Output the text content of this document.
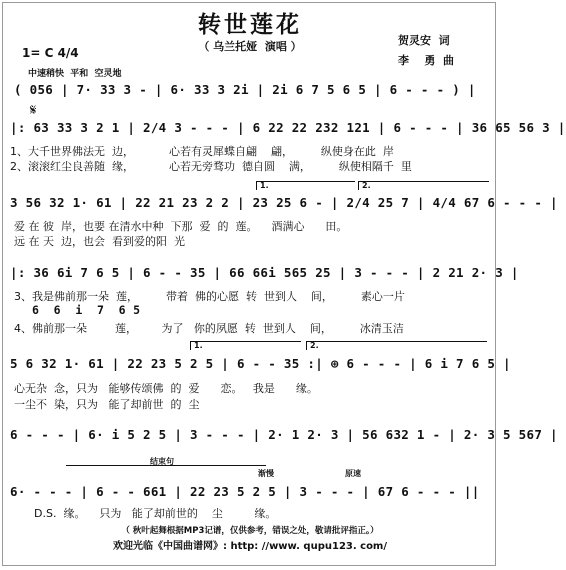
转世莲花
（ 乌兰托娅  演唱 ）	贺灵安  词
李    勇  曲
1= C 4/4
中速稍快  平和  空灵地
( 056 | 7· 33 3 - | 6· 33 3 2i | 2i 6 7 5 6 5 | 6 - - - ) |
𝄋
|: 63 33 3 2 1 | 2/4 3 - - - | 6 22 22 232 121 | 6 - - - | 36 65 56 3 |
1、大千世界佛法无  边，          心若有灵犀蝶自翩    翩，        纵使身在此  岸
2、滚滚红尘良善随  缘，          心若无旁骛功  德自圆    满，        纵使相隔千  里
1.	2.
3 56 32 1· 61 | 22 21 23 2 2 | 23 25 6 - | 2/4 25 7 | 4/4 67 6 - - - |
爱 在 彼  岸，也要 在清水中种  下那  爱  的  莲。    酒满心      田。
远 在 天  边，也会  看到爱的阳  光
|: 36 6i 7 6 5 | 6 - - 35 | 66 66i 565 25 | 3 - - - | 2 21 2· 3 |
3、我是佛前那一朵  莲，        带着  佛的心愿  转  世到人    间，        素心一片
6  6  i  7  6 5
4、佛前那一朵        莲，       为了   你的夙愿  转  世到人    间，        冰清玉洁
1.	2.
5 6 32 1· 61 | 22 23 5 2 5 | 6 - - 35 :| ⊕ 6 - - - | 6 i 7 6 5 |
心无杂  念，只为   能够传颂佛  的  爱      恋。   我是      缘。
一尘不  染，只为   能了却前世  的  尘
6 - - - | 6· i 5 2 5 | 3 - - - | 2· 1 2· 3 | 56 632 1 - | 2· 3 5 567 |
结束句
渐慢	原速
6· - - - | 6 - - 661 | 22 23 5 2 5 | 3 - - - | 67 6 - - - ||
D.S.  缘。    只为   能了却前世的    尘         缘。
（ 秋叶起舞根据MP3记谱，仅供参考，错误之处，敬请批评指正。）
欢迎光临《中国曲谱网》: http: //www. qupu123. com/
